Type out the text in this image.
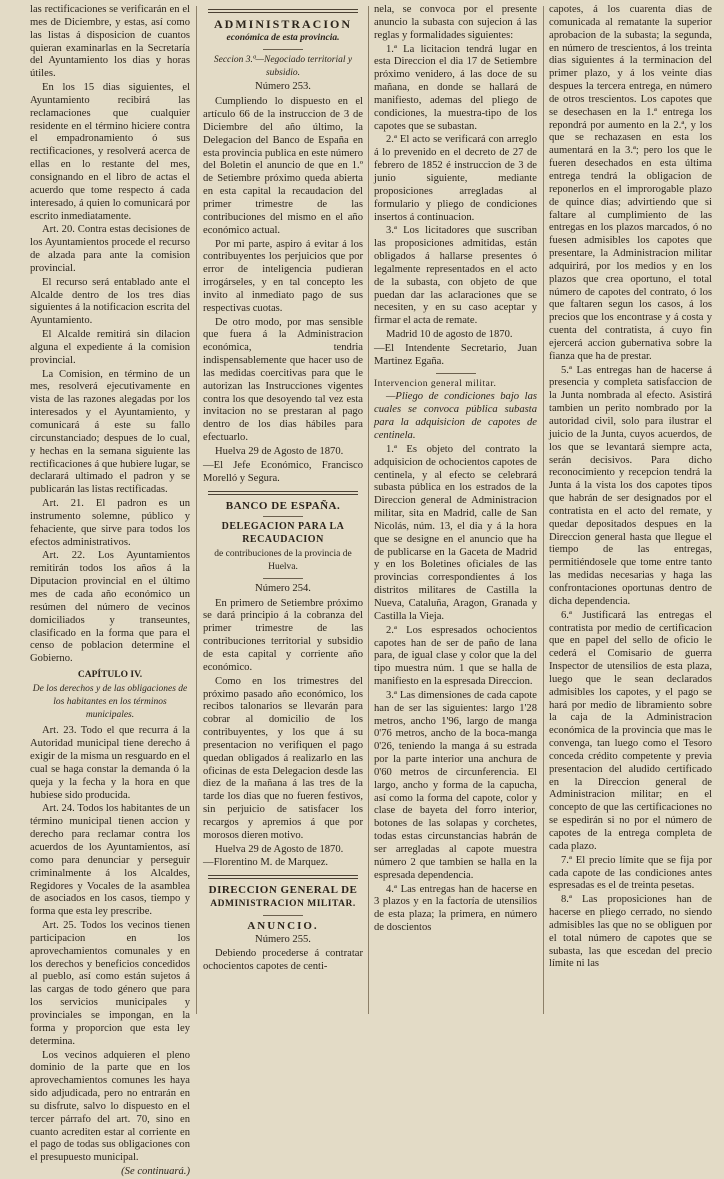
las rectificaciones se verificarán en el mes de Diciembre, y estas, así como las listas á disposicion de cuantos quieran examinarlas en la Secretaría del Ayuntamiento los dias y horas útiles.

En los 15 dias siguientes, el Ayuntamiento recibirá las reclamaciones que cualquier residente en el término hiciere contra el empadronamiento ó sus rectificaciones, y resolverá acerca de ellas en lo restante del mes, consignando en el libro de actas el acuerdo que tome respecto á cada interesado, á quien lo comunicará por escrito inmediatamente.

Art. 20. Contra estas decisiones de los Ayuntamientos procede el recurso de alzada para ante la comision provincial.

El recurso será entablado ante el Alcalde dentro de los tres dias siguientes á la notificacion escrita del Ayuntamiento.

El Alcalde remitirá sin dilacion alguna el expediente á la comision provincial.

La Comision, en término de un mes, resolverá ejecutivamente en vista de las razones alegadas por los interesados y el Ayuntamiento, y comunicará á este su fallo circunstanciado; despues de lo cual, y hechas en la semana siguiente las rectificaciones á que hubiere lugar, se declarará ultimado el padron y se publicarán las listas rectificadas.

Art. 21. El padron es un instrumento solemne, público y fehaciente, que sirve para todos los efectos administrativos.

Art. 22. Los Ayuntamientos remitirán todos los años á la Diputacion provincial en el último mes de cada año económico un resúmen del número de vecinos domiciliados y transeuntes, clasificado en la forma que para el censo de poblacion determine el Gobierno.

CAPÍTULO IV.

De los derechos y de las obligaciones de los habitantes en los términos municipales.

Art. 23. Todo el que recurra á la Autoridad municipal tiene derecho á exigir de la misma un resguardo en el cual se haga constar la demanda ó la queja y la fecha y la hora en que hubiese sido producida.

Art. 24. Todos los habitantes de un término municipal tienen accion y derecho para reclamar contra los acuerdos de los Ayuntamientos, así como para denunciar y perseguir criminalmente á los Alcaldes, Regidores y Vocales de la asamblea de asociados en los casos, tiempo y forma que esta ley prescribe.

Art. 25. Todos los vecinos tienen participacion en los aprovechamientos comunales y en los derechos y beneficios concedidos al pueblo, así como están sujetos á las cargas de todo género que para los servicios municipales y provinciales se impongan, en la forma y proporcion que esta ley determina.

Los vecinos adquieren el pleno dominio de la parte que en los aprovechamientos comunes les haya sido adjudicada, pero no entrarán en su disfrute, salvo lo dispuesto en el tercer párrafo del art. 70, sino en cuanto acrediten estar al corriente en el pago de todas sus obligaciones con el presupuesto municipal.

(Se continuará.)

ADMINISTRACION

económica de esta provincia.

Seccion 3.ª—Negociado territorial y subsidio.

Número 253.

Cumpliendo lo dispuesto en el artículo 66 de la instruccion de 3 de Diciembre del año último, la Delegacion del Banco de España en esta provincia publica en este número del Boletin el anuncio de que en 1.º de Setiembre próximo queda abierta en esta capital la recaudacion del primer trimestre de las contribuciones del mismo en el año económico actual.

Por mi parte, aspiro á evitar á los contribuyentes los perjuicios que por error de inteligencia pudieran irrogárseles, y en tal concepto les invito al inmediato pago de sus respectivas cuotas.

De otro modo, por mas sensible que fuera á la Administracion económica, tendria indispensablemente que hacer uso de las medidas coercitivas para que le autorizan las Instrucciones vigentes contra los que desoyendo tal vez esta invitacion no se prestaran al pago dentro de los dias hábiles para efectuarlo.

Huelva 29 de Agosto de 1870.

—El Jefe Económico, Francisco Morelló y Segura.

BANCO DE ESPAÑA.

DELEGACION PARA LA RECAUDACION

de contribuciones de la provincia de Huelva.

Número 254.

En primero de Setiembre próximo se dará principio á la cobranza del primer trimestre de las contribuciones territorial y subsidio de esta capital y corriente año económico.

Como en los trimestres del próximo pasado año económico, los recibos talonarios se llevarán para cobrar al domicilio de los contribuyentes, y los que á su presentacion no verifiquen el pago quedan obligados á realizarlo en las oficinas de esta Delegacion desde las diez de la mañana á las tres de la tarde los dias que no fueren festivos, sin perjuicio de satisfacer los recargos y apremios á que por morosos dieren motivo.

Huelva 29 de Agosto de 1870.

—Florentino M. de Marquez.

DIRECCION GENERAL DE

ADMINISTRACION MILITAR.

ANUNCIO.

Número 255.

Debiendo procederse á contratar ochocientos capotes de centi-

nela, se convoca por el presente anuncio la subasta con sujecion á las reglas y formalidades siguientes:

1.ª La licitacion tendrá lugar en esta Direccion el dia 17 de Setiembre próximo venidero, á las doce de su mañana, en donde se hallará de manifiesto, ademas del pliego de condiciones, la muestra-tipo de los capotes que se subastan.

2.ª El acto se verificará con arreglo á lo prevenido en el decreto de 27 de febrero de 1852 é instruccion de 3 de junio siguiente, mediante proposiciones arregladas al formulario y pliego de condiciones insertos á continuacion.

3.ª Los licitadores que suscriban las proposiciones admitidas, están obligados á hallarse presentes ó legalmente representados en el acto de la subasta, con objeto de que puedan dar las aclaraciones que se necesiten, y en su caso aceptar y firmar el acta de remate.

Madrid 10 de agosto de 1870.

—El Intendente Secretario, Juan Martinez Egaña.

Intervencion general militar.

—Pliego de condiciones bajo las cuales se convoca pública subasta para la adquisicion de capotes de centinela.

1.ª Es objeto del contrato la adquisicion de ochocientos capotes de centinela, y al efecto se celebrará subasta pública en los estrados de la Direccion general de Administracion militar, sita en Madrid, calle de San Nicolás, núm. 13, el dia y á la hora que se designe en el anuncio que ha de publicarse en la Gaceta de Madrid y en los Boletines oficiales de las provincias correspondientes á los distritos militares de Castilla la Nueva, Cataluña, Aragon, Granada y Castilla la Vieja.

2.ª Los espresados ochocientos capotes han de ser de paño de lana para, de igual clase y color que la del tipo muestra núm. 1 que se halla de manifiesto en la espresada Direccion.

3.ª Las dimensiones de cada capote han de ser las siguientes: largo 1'28 metros, ancho 1'96, largo de manga 0'76 metros, ancho de la boca-manga 0'26, teniendo la manga á su estrada por la parte interior una anchura de 0'60 metros de circunferencia. El largo, ancho y forma de la capucha, así como la forma del capote, color y clase de bayeta del forro interior, botones de las solapas y corchetes, todas estas circunstancias habrán de ser arregladas al capote muestra número 2 que tambien se halla en la espresada dependencia.

4.ª Las entregas han de hacerse en 3 plazos y en la factoría de utensilios de esta plaza; la primera, en número de doscientos

capotes, á los cuarenta dias de comunicada al rematante la superior aprobacion de la subasta; la segunda, en número de trescientos, á los treinta dias siguientes á la terminacion del primer plazo, y á los veinte dias despues la tercera entrega, en número de otros trescientos. Los capotes que se desechasen en la 1.ª entrega los repondrá por aumento en la 2.ª, y los que se rechazasen en esta los aumentará en la 3.ª; pero los que le fueren desechados en esta última entrega tendrá la obligacion de reponerlos en el improrogable plazo de quince dias; advirtiendo que si faltare al cumplimiento de las entregas en los plazos marcados, ó no fuesen admisibles los capotes que presentare, la Administracion militar adquirirá, por los medios y en los plazos que crea oportuno, el total número de capotes del contrato, ó los que faltaren segun los casos, á los precios que los encontrase y á costa y cuenta del contratista, á cuyo fin ejercerá accion gubernativa sobre la fianza que ha de prestar.

5.ª Las entregas han de hacerse á presencia y completa satisfaccion de la Junta nombrada al efecto. Asistirá tambien un perito nombrado por la autoridad civil, solo para ilustrar el juicio de la Junta, cuyos acuerdos, de los que se levantará siempre acta, serán decisivos. Para dicho reconocimiento y recepcion tendrá la Junta á la vista los dos capotes tipos que habrán de ser designados por el contratista en el acto del remate, y quedar depositados despues en la Direccion general hasta que llegue el tiempo de las entregas, permitiéndosele que tome entre tanto las medidas necesarias y haga las confrontaciones oportunas dentro de dicha dependencia.

6.ª Justificará las entregas el contratista por medio de certificacion que en papel del sello de oficio le cederá el Comisario de guerra Inspector de utensilios de esta plaza, luego que le sean declarados admisibles los capotes, y el pago se hará por medio de libramiento sobre la caja de la Administracion económica de la provincia que mas le convenga, tan luego como el Tesoro conceda crédito competente y previa presentacion del aludido certificado en la Direccion general de Administracion militar; en el concepto de que las certificaciones no se espedirán si no por el número de capotes de la entrega completa de cada plazo.

7.ª El precio límite que se fija por cada capote de las condiciones antes espresadas es el de treinta pesetas.

8.ª Las proposiciones han de hacerse en pliego cerrado, no siendo admisibles las que no se obliguen por el total número de capotes que se subasta, las que escedan del precio límite ni las
